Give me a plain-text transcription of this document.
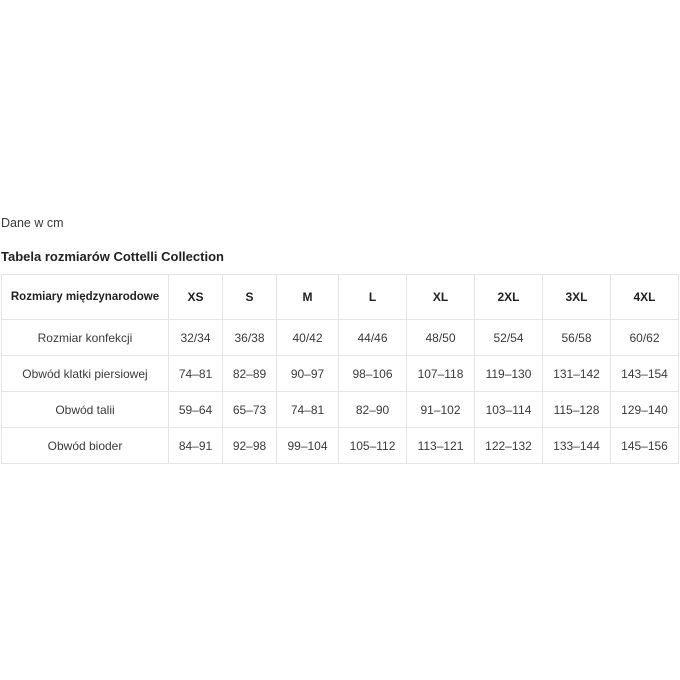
Dane w cm
Tabela rozmiarów Cottelli Collection
Rozmiary międzynarodowe	XS	S	M	L	XL	2XL	3XL	4XL
Rozmiar konfekcji	32/34	36/38	40/42	44/46	48/50	52/54	56/58	60/62
Obwód klatki piersiowej	74–81	82–89	90–97	98–106	107–118	119–130	131–142	143–154
Obwód talii	59–64	65–73	74–81	82–90	91–102	103–114	115–128	129–140
Obwód bioder	84–91	92–98	99–104	105–112	113–121	122–132	133–144	145–156
